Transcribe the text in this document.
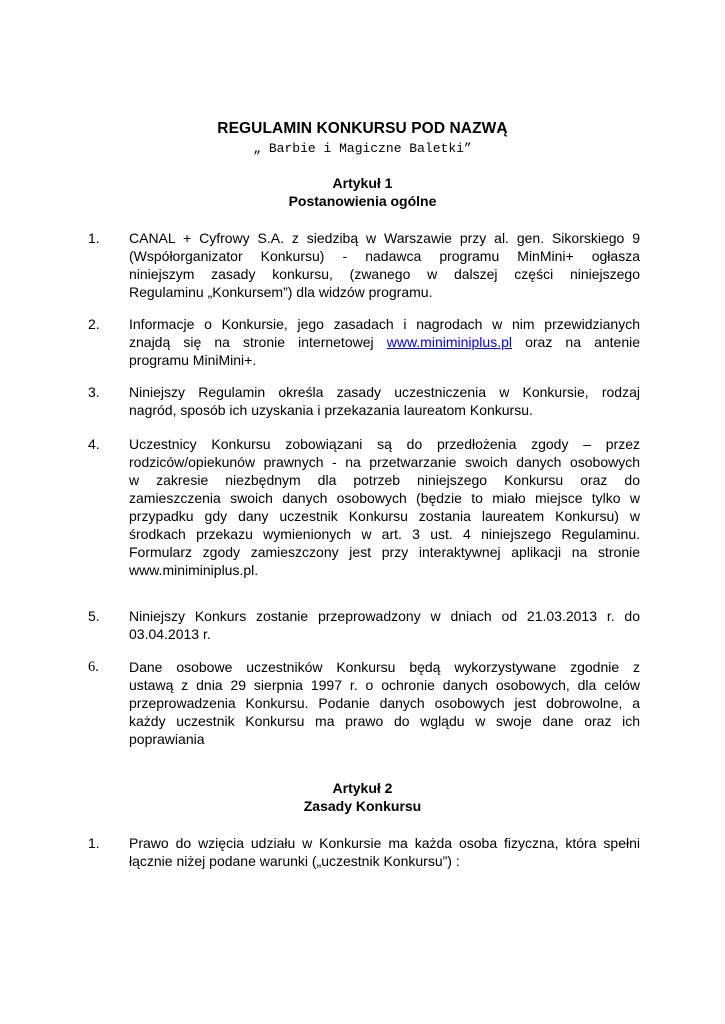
REGULAMIN KONKURSU POD NAZWĄ
„ Barbie i Magiczne Baletki”
Artykuł 1
Postanowienia ogólne
1. CANAL + Cyfrowy S.A. z siedzibą w Warszawie przy al. gen. Sikorskiego 9
(Współorganizator Konkursu) - nadawca programu MinMini+ ogłasza
niniejszym zasady konkursu, (zwanego w dalszej części niniejszego
Regulaminu „Konkursem”) dla widzów programu.
2. Informacje o Konkursie, jego zasadach i nagrodach w nim przewidzianych
znajdą się na stronie internetowej www.miniminiplus.pl oraz na antenie
programu MiniMini+.
3. Niniejszy Regulamin określa zasady uczestniczenia w Konkursie, rodzaj
nagród, sposób ich uzyskania i przekazania laureatom Konkursu.
4. Uczestnicy Konkursu zobowiązani są do przedłożenia zgody – przez
rodziców/opiekunów prawnych - na przetwarzanie swoich danych osobowych
w zakresie niezbędnym dla potrzeb niniejszego Konkursu oraz do
zamieszczenia swoich danych osobowych (będzie to miało miejsce tylko w
przypadku gdy dany uczestnik Konkursu zostania laureatem Konkursu) w
środkach przekazu wymienionych w art. 3 ust. 4 niniejszego Regulaminu.
Formularz zgody zamieszczony jest przy interaktywnej aplikacji na stronie
www.miniminiplus.pl.
5. Niniejszy Konkurs zostanie przeprowadzony w dniach od 21.03.2013 r. do
03.04.2013 r.
6. Dane osobowe uczestników Konkursu będą wykorzystywane zgodnie z
ustawą z dnia 29 sierpnia 1997 r. o ochronie danych osobowych, dla celów
przeprowadzenia Konkursu. Podanie danych osobowych jest dobrowolne, a
każdy uczestnik Konkursu ma prawo do wglądu w swoje dane oraz ich
poprawiania
Artykuł 2
Zasady Konkursu
1. Prawo do wzięcia udziału w Konkursie ma każda osoba fizyczna, która spełni
łącznie niżej podane warunki („uczestnik Konkursu”) :
